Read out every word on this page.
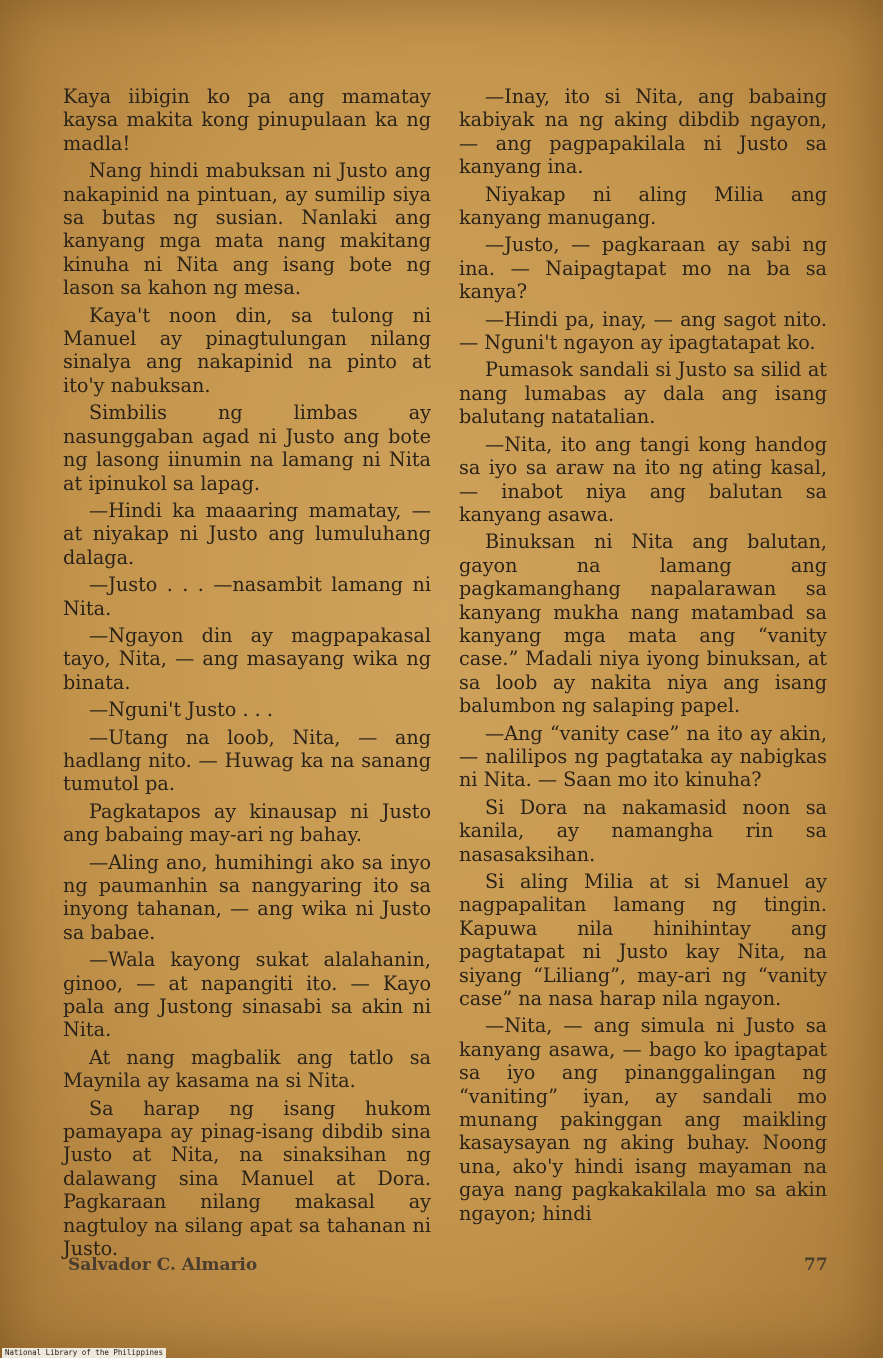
Kaya iibigin ko pa ang mamatay kaysa makita kong pinupulaan ka ng madla!

Nang hindi mabuksan ni Justo ang nakapinid na pintuan, ay sumilip siya sa butas ng susian. Nanlaki ang kanyang mga mata nang makitang kinuha ni Nita ang isang bote ng lason sa kahon ng mesa.

Kaya't noon din, sa tulong ni Manuel ay pinagtulungan nilang sinalya ang nakapinid na pinto at ito'y nabuksan.

Simbilis ng limbas ay nasunggaban agad ni Justo ang bote ng lasong iinumin na lamang ni Nita at ipinukol sa lapag.

—Hindi ka maaaring mamatay, —at niyakap ni Justo ang lumuluhang dalaga.

—Justo . . . —nasambit lamang ni Nita.

—Ngayon din ay magpapakasal tayo, Nita, — ang masayang wika ng binata.

—Nguni't Justo . . .

—Utang na loob, Nita, — ang hadlang nito. — Huwag ka na sanang tumutol pa.

Pagkatapos ay kinausap ni Justo ang babaing may-ari ng bahay.

—Aling ano, humihingi ako sa inyo ng paumanhin sa nangyaring ito sa inyong tahanan, — ang wika ni Justo sa babae.

—Wala kayong sukat alalahanin, ginoo, — at napangiti ito. — Kayo pala ang Justong sinasabi sa akin ni Nita.

At nang magbalik ang tatlo sa Maynila ay kasama na si Nita.

Sa harap ng isang hukom pamayapa ay pinag-isang dibdib sina Justo at Nita, na sinaksihan ng dalawang sina Manuel at Dora. Pagkaraan nilang makasal ay nagtuloy na silang apat sa tahanan ni Justo.

—Inay, ito si Nita, ang babaing kabiyak na ng aking dibdib ngayon, — ang pagpapakilala ni Justo sa kanyang ina.

Niyakap ni aling Milia ang kanyang manugang.

—Justo, — pagkaraan ay sabi ng ina. — Naipagtapat mo na ba sa kanya?

—Hindi pa, inay, — ang sagot nito. — Nguni't ngayon ay ipagtatapat ko.

Pumasok sandali si Justo sa silid at nang lumabas ay dala ang isang balutang natatalian.

—Nita, ito ang tangi kong handog sa iyo sa araw na ito ng ating kasal, — inabot niya ang balutan sa kanyang asawa.

Binuksan ni Nita ang balutan, gayon na lamang ang pagkamanghang napalarawan sa kanyang mukha nang matambad sa kanyang mga mata ang “vanity case.” Madali niya iyong binuksan, at sa loob ay nakita niya ang isang balumbon ng salaping papel.

—Ang “vanity case” na ito ay akin, — nalilipos ng pagtataka ay nabigkas ni Nita. — Saan mo ito kinuha?

Si Dora na nakamasid noon sa kanila, ay namangha rin sa nasasaksihan.

Si aling Milia at si Manuel ay nagpapalitan lamang ng tingin. Kapuwa nila hinihintay ang pagtatapat ni Justo kay Nita, na siyang “Liliang”, may-ari ng “vanity case” na nasa harap nila ngayon.

—Nita, — ang simula ni Justo sa kanyang asawa, — bago ko ipagtapat sa iyo ang pinanggalingan ng “vaniting” iyan, ay sandali mo munang pakinggan ang maikling kasaysayan ng aking buhay. Noong una, ako'y hindi isang mayaman na gaya nang pagkakakilala mo sa akin ngayon; hindi

Salvador C. Almario	77
National Library of the Philippines
